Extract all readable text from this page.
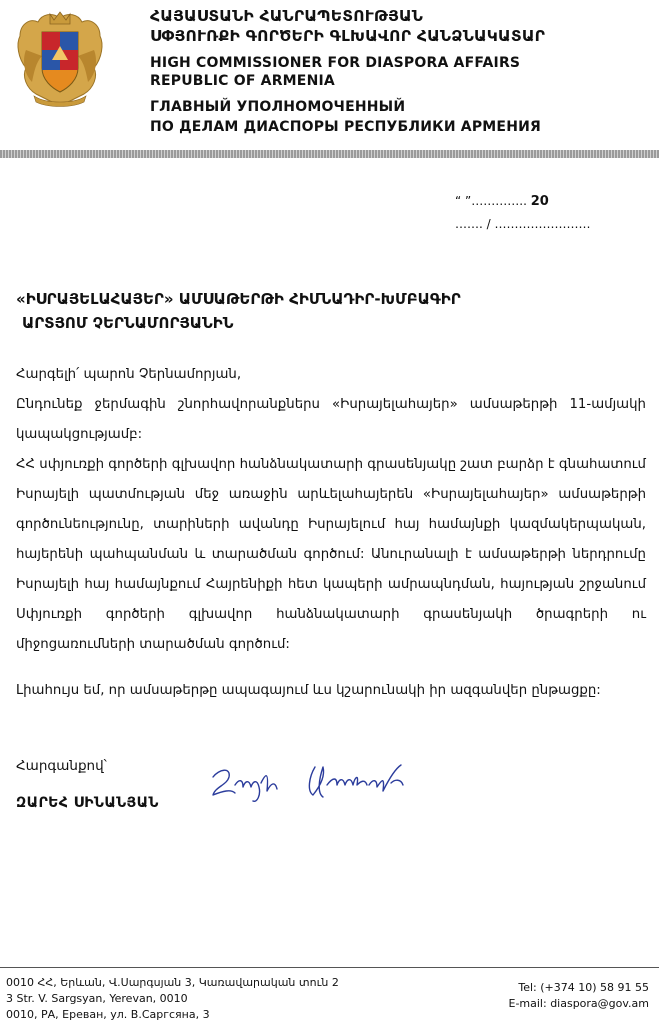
ՀԱՅԱՍՏԱՆԻ ՀԱՆՐԱՊԵՏՈՒԹՅԱՆ

ՍՓՅՈՒՌՔԻ ԳՈՐԾԵՐԻ ԳԼԽԱՎՈՐ ՀԱՆՁՆԱԿԱՏԱՐ

HIGH COMMISSIONER FOR DIASPORA AFFAIRS

REPUBLIC OF ARMENIA

ГЛАВНЫЙ УПОЛНОМОЧЕННЫЙ

ПО ДЕЛАМ ДИАСПОРЫ РЕСПУБЛИКИ АРМЕНИЯ

“ ”………….. 20
……. / ……………………
«ԻՍՐԱՅԵԼԱՀԱՅԵՐ» ԱՄՍԱԹԵՐԹԻ ՀԻՄՆԱԴԻՐ-ԽՄԲԱԳԻՐ
ԱՐՏՅՈՄ ՉԵՐՆԱՄՈՐՅԱՆԻՆ

Հարգելի՛ պարոն Չերնամորյան,

Ընդունեք ջերմագին շնորհավորանքներս «Իսրայելահայեր» ամսաթերթի 11-ամյակի կապակցությամբ:

ՀՀ սփյուռքի գործերի գլխավոր հանձնակատարի գրասենյակը շատ բարձր է գնահատում Իսրայելի պատմության մեջ առաջին արևելահայերեն «Իսրայելահայեր» ամսաթերթի գործունեությունը, տարիների ավանդը Իսրայելում հայ համայնքի կազմակերպական, հայերենի պահպանման և տարածման գործում: Անուրանալի է ամսաթերթի ներդրումը Իսրայելի հայ համայնքում Հայրենիքի հետ կապերի ամրապնդման, հայության շրջանում Սփյուռքի գործերի գլխավոր հանձնակատարի գրասենյակի ծրագրերի ու միջոցառումների տարածման գործում:

Լիահույս եմ, որ ամսաթերթը ապագայում ևս կշարունակի իր ազգանվեր ընթացքը:

Հարգանքով՝
ԶԱՐԵՀ ՍԻՆԱՆՅԱՆ

0010 ՀՀ, Երևան, Վ.Սարգսյան 3, Կառավարական տուն 2

3 Str. V. Sargsyan, Yerevan, 0010

0010, РА, Ереван, ул. В.Саргсяна, 3

Tel: (+374 10) 58 91 55

E-mail: diaspora@gov.am
